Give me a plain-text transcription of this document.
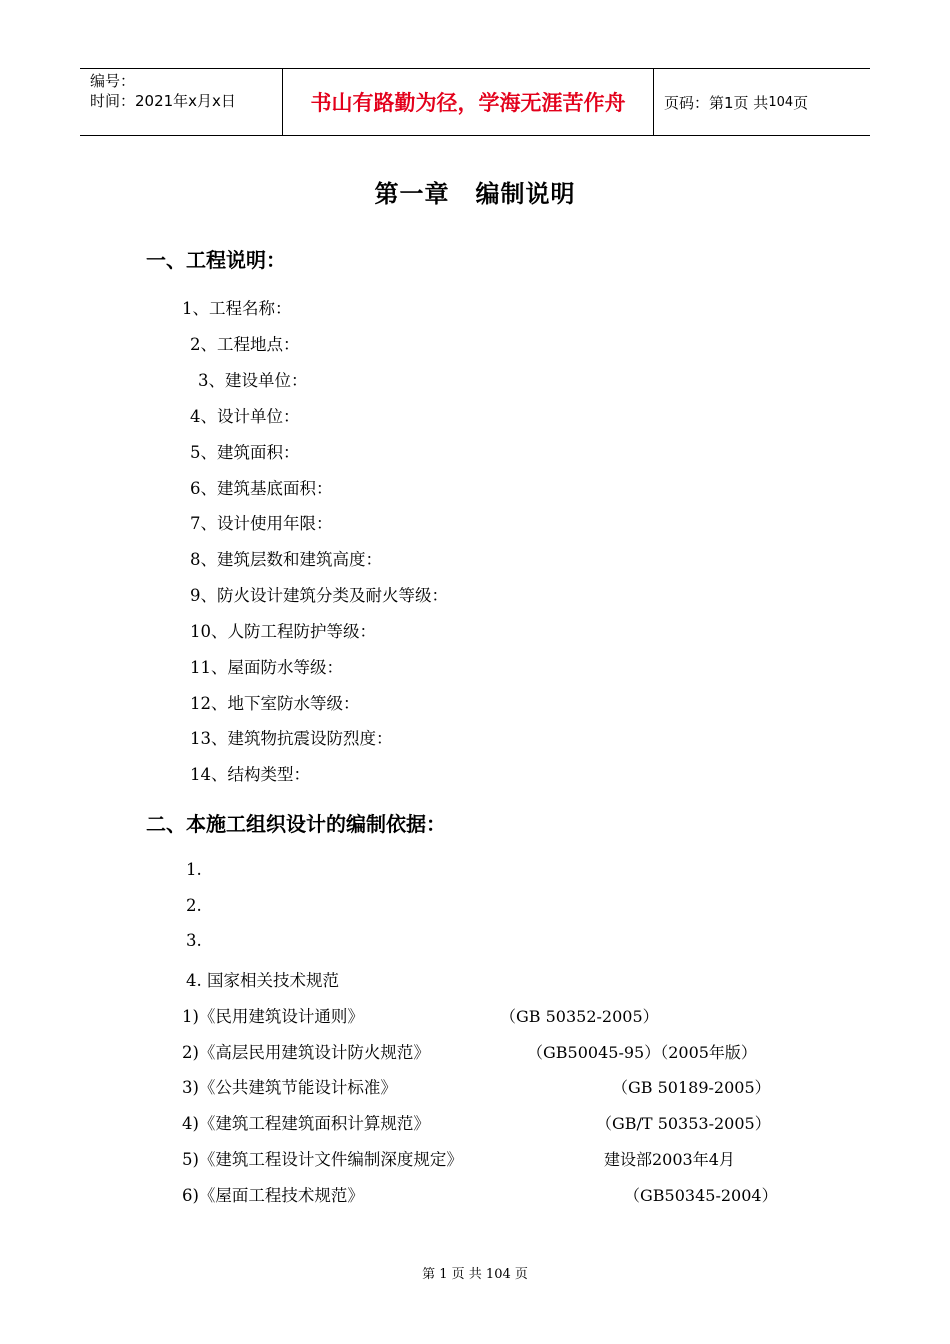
编号：
时间：2021年x月x日	书山有路勤为径，学海无涯苦作舟	页码：第1页 共 104 页
第一章 编制说明
一、工程说明：
1、工程名称：
2、工程地点：
3、建设单位：
4、设计单位：
5、建筑面积：
6、建筑基底面积：
7、设计使用年限：
8、建筑层数和建筑高度：
9、防火设计建筑分类及耐火等级：
10、人防工程防护等级：
11、屋面防水等级：
12、地下室防水等级：
13、建筑物抗震设防烈度：
14、结构类型：
二、本施工组织设计的编制依据：
1.
2.
3.
4. 国家相关技术规范
1)《民用建筑设计通则》	（GB 50352-2005）
2)《高层民用建筑设计防火规范》	（GB50045-95）（2005年版）
3)《公共建筑节能设计标准》	（GB 50189-2005）
4)《建筑工程建筑面积计算规范》	（GB/T 50353-2005）
5)《建筑工程设计文件编制深度规定》	建设部2003年4月
6)《屋面工程技术规范》	（GB50345-2004）
第 1 页 共 104 页
